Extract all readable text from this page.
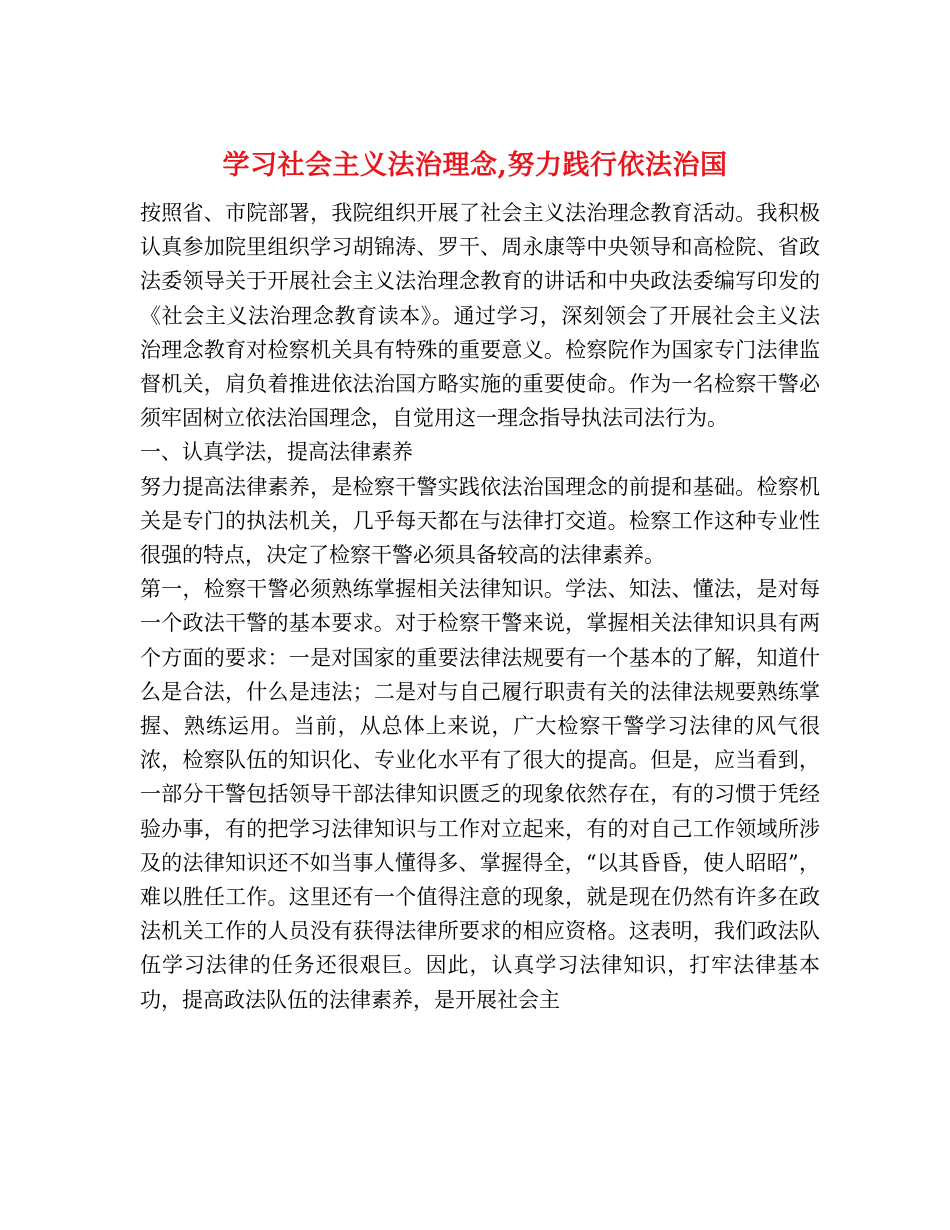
学习社会主义法治理念,努力践行依法治国

按照省、市院部署，我院组织开展了社会主义法治理念教育活动。我积极认真参加院里组织学习胡锦涛、罗干、周永康等中央领导和高检院、省政法委领导关于开展社会主义法治理念教育的讲话和中央政法委编写印发的《社会主义法治理念教育读本》。通过学习，深刻领会了开展社会主义法治理念教育对检察机关具有特殊的重要意义。检察院作为国家专门法律监督机关，肩负着推进依法治国方略实施的重要使命。作为一名检察干警必须牢固树立依法治国理念，自觉用这一理念指导执法司法行为。

一、认真学法，提高法律素养

努力提高法律素养，是检察干警实践依法治国理念的前提和基础。检察机关是专门的执法机关，几乎每天都在与法律打交道。检察工作这种专业性很强的特点，决定了检察干警必须具备较高的法律素养。

第一，检察干警必须熟练掌握相关法律知识。学法、知法、懂法，是对每一个政法干警的基本要求。对于检察干警来说，掌握相关法律知识具有两个方面的要求：一是对国家的重要法律法规要有一个基本的了解，知道什么是合法，什么是违法；二是对与自己履行职责有关的法律法规要熟练掌握、熟练运用。当前，从总体上来说，广大检察干警学习法律的风气很浓，检察队伍的知识化、专业化水平有了很大的提高。但是，应当看到，一部分干警包括领导干部法律知识匮乏的现象依然存在，有的习惯于凭经验办事，有的把学习法律知识与工作对立起来，有的对自己工作领域所涉及的法律知识还不如当事人懂得多、掌握得全，“以其昏昏，使人昭昭”，难以胜任工作。这里还有一个值得注意的现象，就是现在仍然有许多在政法机关工作的人员没有获得法律所要求的相应资格。这表明，我们政法队伍学习法律的任务还很艰巨。因此，认真学习法律知识，打牢法律基本功，提高政法队伍的法律素养，是开展社会主
